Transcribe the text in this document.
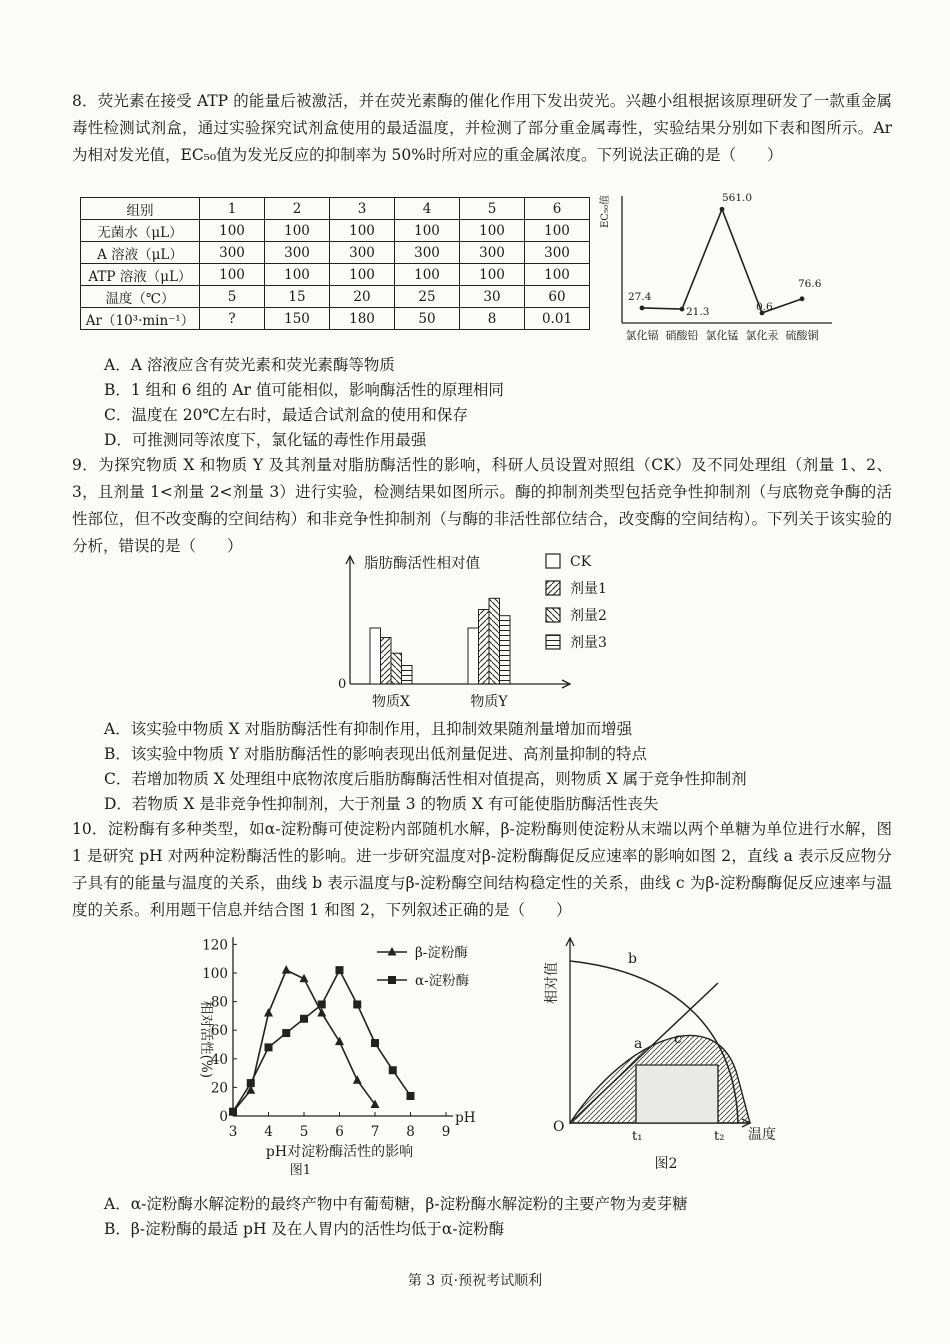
8．荧光素在接受 ATP 的能量后被激活，并在荧光素酶的催化作用下发出荧光。兴趣小组根据该原理研发了一款重金属毒性检测试剂盒，通过实验探究试剂盒使用的最适温度，并检测了部分重金属毒性，实验结果分别如下表和图所示。Ar 为相对发光值，EC₅₀值为发光反应的抑制率为 50%时所对应的重金属浓度。下列说法正确的是（　　）
组别	1	2	3	4	5	6
无菌水（μL）	100	100	100	100	100	100
A 溶液（μL）	300	300	300	300	300	300
ATP 溶液（μL）	100	100	100	100	100	100
温度（℃）	5	15	20	25	30	60
Ar（10³·min⁻¹）	?	150	180	50	8	0.01
EC₅₀值
27.4
氯化镉
21.3
硝酸铅
561.0
氯化锰
0.6
氯化汞
76.6
硫酸铜
A．A 溶液应含有荧光素和荧光素酶等物质
B．1 组和 6 组的 Ar 值可能相似，影响酶活性的原理相同
C．温度在 20℃左右时，最适合试剂盒的使用和保存
D．可推测同等浓度下，氯化锰的毒性作用最强
9．为探究物质 X 和物质 Y 及其剂量对脂肪酶活性的影响，科研人员设置对照组（CK）及不同处理组（剂量 1、2、3，且剂量 1<剂量 2<剂量 3）进行实验，检测结果如图所示。酶的抑制剂类型包括竞争性抑制剂（与底物竞争酶的活性部位，但不改变酶的空间结构）和非竞争性抑制剂（与酶的非活性部位结合，改变酶的空间结构）。下列关于该实验的分析，错误的是（　　）
0
脂肪酶活性相对值
物质X	物质Y
CK
剂量1
剂量2
剂量3
A．该实验中物质 X 对脂肪酶活性有抑制作用，且抑制效果随剂量增加而增强
B．该实验中物质 Y 对脂肪酶活性的影响表现出低剂量促进、高剂量抑制的特点
C．若增加物质 X 处理组中底物浓度后脂肪酶酶活性相对值提高，则物质 X 属于竞争性抑制剂
D．若物质 X 是非竞争性抑制剂，大于剂量 3 的物质 X 有可能使脂肪酶活性丧失
10．淀粉酶有多种类型，如α-淀粉酶可使淀粉内部随机水解，β-淀粉酶则使淀粉从末端以两个单糖为单位进行水解，图 1 是研究 pH 对两种淀粉酶活性的影响。进一步研究温度对β-淀粉酶酶促反应速率的影响如图 2，直线 a 表示反应物分子具有的能量与温度的关系，曲线 b 表示温度与β-淀粉酶空间结构稳定性的关系，曲线 c 为β-淀粉酶酶促反应速率与温度的关系。利用题干信息并结合图 1 和图 2，下列叙述正确的是（　　）
0
20
40
60
80
100
120
3 4 5 6 7 8 9
pH
相对活性(%)
pH对淀粉酶活性的影响
图1
β-淀粉酶
α-淀粉酶
a
b
c
O
t₁	t₂ 温度
相对值
图2
A．α-淀粉酶水解淀粉的最终产物中有葡萄糖，β-淀粉酶水解淀粉的主要产物为麦芽糖
B．β-淀粉酶的最适 pH 及在人胃内的活性均低于α-淀粉酶
第 3 页·预祝考试顺利
